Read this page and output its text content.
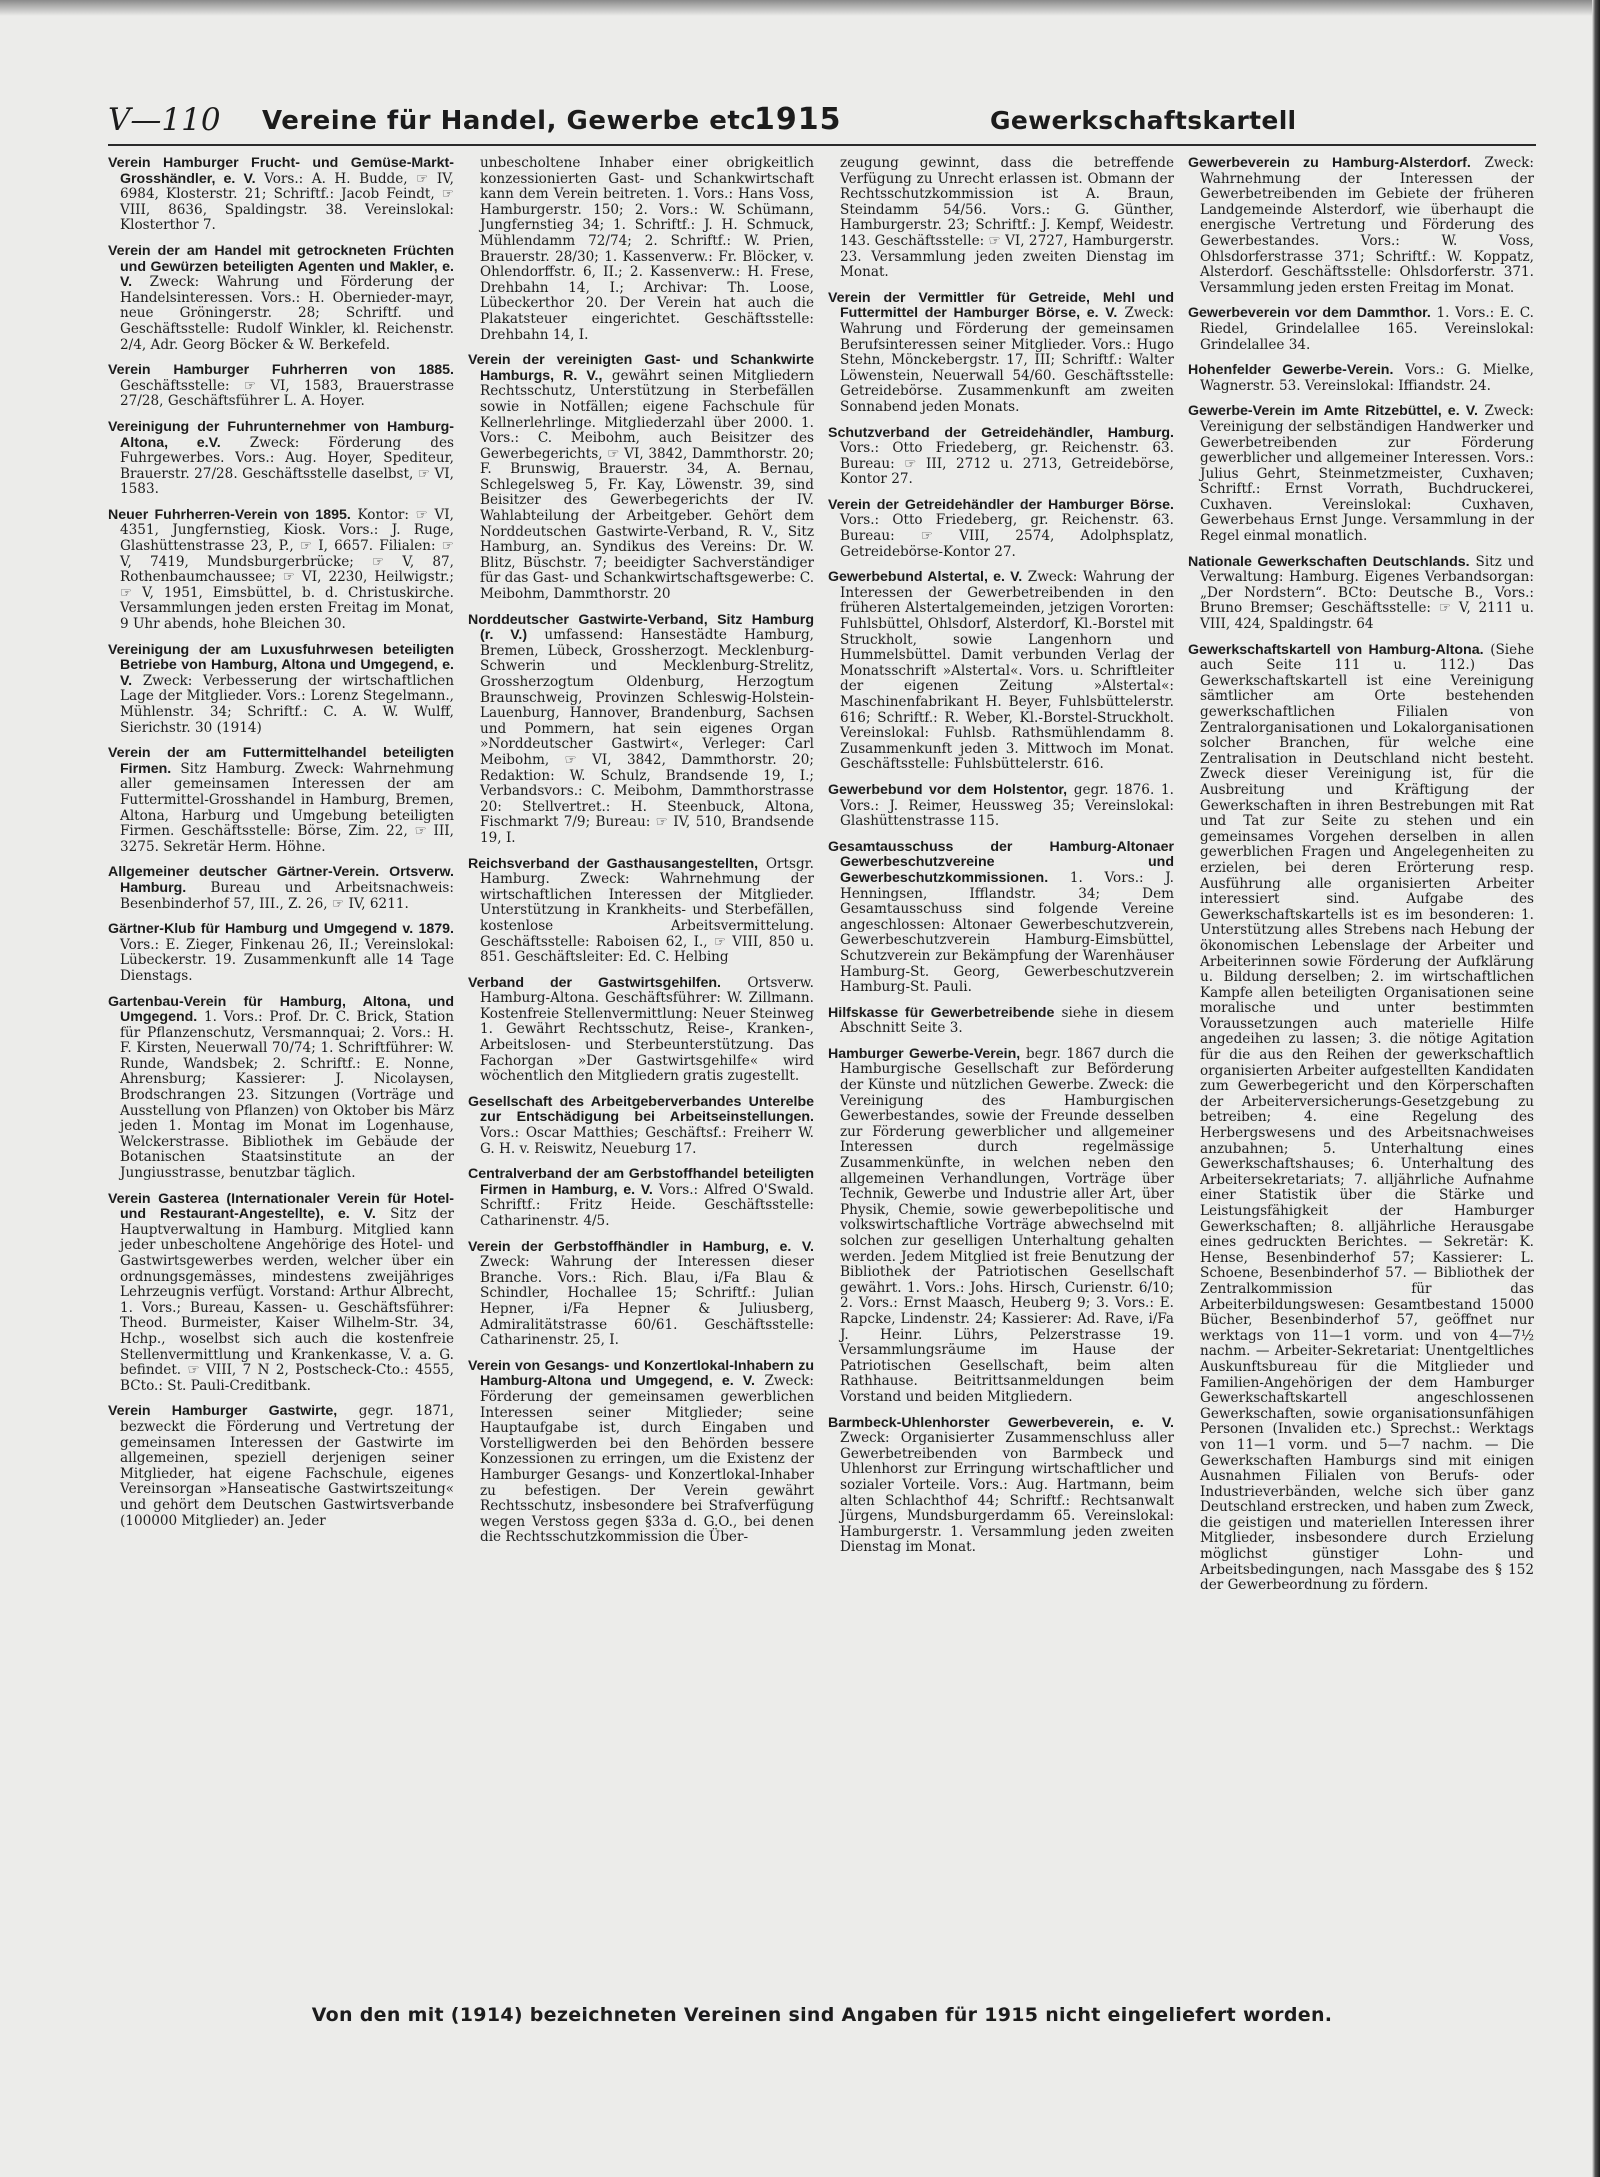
V—110 Vereine für Handel, Gewerbe etc.
1915	Gewerkschaftskartell

Verein Hamburger Frucht- und Gemüse-Markt-Grosshändler, e. V. Vors.: A. H. Budde, ☞ IV, 6984, Klosterstr. 21; Schriftf.: Jacob Feindt, ☞ VIII, 8636, Spaldingstr. 38. Vereinslokal: Klosterthor 7.

Verein der am Handel mit getrockneten Früchten und Gewürzen beteiligten Agenten und Makler, e. V. Zweck: Wahrung und Förderung der Handelsinteressen. Vors.: H. Obernieder-mayr, neue Gröningerstr. 28; Schriftf. und Geschäftsstelle: Rudolf Winkler, kl. Reichenstr. 2/4, Adr. Georg Böcker & W. Berkefeld.

Verein Hamburger Fuhrherren von 1885. Geschäftsstelle: ☞ VI, 1583, Brauerstrasse 27/28, Geschäftsführer L. A. Hoyer.

Vereinigung der Fuhrunternehmer von Hamburg-Altona, e.V. Zweck: Förderung des Fuhrgewerbes. Vors.: Aug. Hoyer, Spediteur, Brauerstr. 27/28. Geschäftsstelle daselbst, ☞ VI, 1583.

Neuer Fuhrherren-Verein von 1895. Kontor: ☞ VI, 4351, Jungfernstieg, Kiosk. Vors.: J. Ruge, Glashüttenstrasse 23, P., ☞ I, 6657. Filialen: ☞ V, 7419, Mundsburgerbrücke; ☞ V, 87, Rothenbaumchaussee; ☞ VI, 2230, Heilwigstr.; ☞ V, 1951, Eimsbüttel, b. d. Christuskirche. Versammlungen jeden ersten Freitag im Monat, 9 Uhr abends, hohe Bleichen 30.

Vereinigung der am Luxusfuhrwesen beteiligten Betriebe von Hamburg, Altona und Umgegend, e. V. Zweck: Verbesserung der wirtschaftlichen Lage der Mitglieder. Vors.: Lorenz Stegelmann., Mühlenstr. 34; Schriftf.: C. A. W. Wulff, Sierichstr. 30 (1914)

Verein der am Futtermittelhandel beteiligten Firmen. Sitz Hamburg. Zweck: Wahrnehmung aller gemeinsamen Interessen der am Futtermittel-Grosshandel in Hamburg, Bremen, Altona, Harburg und Umgebung beteiligten Firmen. Geschäftsstelle: Börse, Zim. 22, ☞ III, 3275. Sekretär Herm. Höhne.

Allgemeiner deutscher Gärtner-Verein. Ortsverw. Hamburg. Bureau und Arbeitsnachweis: Besenbinderhof 57, III., Z. 26, ☞ IV, 6211.

Gärtner-Klub für Hamburg und Umgegend v. 1879. Vors.: E. Zieger, Finkenau 26, II.; Vereinslokal: Lübeckerstr. 19. Zusammenkunft alle 14 Tage Dienstags.

Gartenbau-Verein für Hamburg, Altona, und Umgegend. 1. Vors.: Prof. Dr. C. Brick, Station für Pflanzenschutz, Versmannquai; 2. Vors.: H. F. Kirsten, Neuerwall 70/74; 1. Schriftführer: W. Runde, Wandsbek; 2. Schriftf.: E. Nonne, Ahrensburg; Kassierer: J. Nicolaysen, Brodschrangen 23. Sitzungen (Vorträge und Ausstellung von Pflanzen) von Oktober bis März jeden 1. Montag im Monat im Logenhause, Welckerstrasse. Bibliothek im Gebäude der Botanischen Staatsinstitute an der Jungiusstrasse, benutzbar täglich.

Verein Gasterea (Internationaler Verein für Hotel- und Restaurant-Angestellte), e. V. Sitz der Hauptverwaltung in Hamburg. Mitglied kann jeder unbescholtene Angehörige des Hotel- und Gastwirtsgewerbes werden, welcher über ein ordnungsgemässes, mindestens zweijähriges Lehrzeugnis verfügt. Vorstand: Arthur Albrecht, 1. Vors.; Bureau, Kassen- u. Geschäftsführer: Theod. Burmeister, Kaiser Wilhelm-Str. 34, Hchp., woselbst sich auch die kostenfreie Stellenvermittlung und Krankenkasse, V. a. G. befindet. ☞ VIII, 7 N 2, Postscheck-Cto.: 4555, BCto.: St. Pauli-Creditbank.

Verein Hamburger Gastwirte, gegr. 1871, bezweckt die Förderung und Vertretung der gemeinsamen Interessen der Gastwirte im allgemeinen, speziell derjenigen seiner Mitglieder, hat eigene Fachschule, eigenes Vereinsorgan »Hanseatische Gastwirtszeitung« und gehört dem Deutschen Gastwirtsverbande (100000 Mitglieder) an. Jeder

unbescholtene Inhaber einer obrigkeitlich konzessionierten Gast- und Schankwirtschaft kann dem Verein beitreten. 1. Vors.: Hans Voss, Hamburgerstr. 150; 2. Vors.: W. Schümann, Jungfernstieg 34; 1. Schriftf.: J. H. Schmuck, Mühlendamm 72/74; 2. Schriftf.: W. Prien, Brauerstr. 28/30; 1. Kassenverw.: Fr. Blöcker, v. Ohlendorffstr. 6, II.; 2. Kassenverw.: H. Frese, Drehbahn 14, I.; Archivar: Th. Loose, Lübeckerthor 20. Der Verein hat auch die Plakatsteuer eingerichtet. Geschäftsstelle: Drehbahn 14, I.

Verein der vereinigten Gast- und Schankwirte Hamburgs, R. V., gewährt seinen Mitgliedern Rechtsschutz, Unterstützung in Sterbefällen sowie in Notfällen; eigene Fachschule für Kellnerlehrlinge. Mitgliederzahl über 2000. 1. Vors.: C. Meibohm, auch Beisitzer des Gewerbegerichts, ☞ VI, 3842, Dammthorstr. 20; F. Brunswig, Brauerstr. 34, A. Bernau, Schlegelsweg 5, Fr. Kay, Löwenstr. 39, sind Beisitzer des Gewerbegerichts der IV. Wahlabteilung der Arbeitgeber. Gehört dem Norddeutschen Gastwirte-Verband, R. V., Sitz Hamburg, an. Syndikus des Vereins: Dr. W. Blitz, Büschstr. 7; beeidigter Sachverständiger für das Gast- und Schankwirtschaftsgewerbe: C. Meibohm, Dammthorstr. 20

Norddeutscher Gastwirte-Verband, Sitz Hamburg (r. V.) umfassend: Hansestädte Hamburg, Bremen, Lübeck, Grossherzogt. Mecklenburg-Schwerin und Mecklenburg-Strelitz, Grossherzogtum Oldenburg, Herzogtum Braunschweig, Provinzen Schleswig-Holstein-Lauenburg, Hannover, Brandenburg, Sachsen und Pommern, hat sein eigenes Organ »Norddeutscher Gastwirt«, Verleger: Carl Meibohm, ☞ VI, 3842, Dammthorstr. 20; Redaktion: W. Schulz, Brandsende 19, I.; Verbandsvors.: C. Meibohm, Dammthorstrasse 20: Stellvertret.: H. Steenbuck, Altona, Fischmarkt 7/9; Bureau: ☞ IV, 510, Brandsende 19, I.

Reichsverband der Gasthausangestellten, Ortsgr. Hamburg. Zweck: Wahrnehmung der wirtschaftlichen Interessen der Mitglieder. Unterstützung in Krankheits- und Sterbefällen, kostenlose Arbeitsvermittelung. Geschäftsstelle: Raboisen 62, I., ☞ VIII, 850 u. 851. Geschäftsleiter: Ed. C. Helbing

Verband der Gastwirtsgehilfen. Ortsverw. Hamburg-Altona. Geschäftsführer: W. Zillmann. Kostenfreie Stellenvermittlung: Neuer Steinweg 1. Gewährt Rechtsschutz, Reise-, Kranken-, Arbeitslosen- und Sterbeunterstützung. Das Fachorgan »Der Gastwirtsgehilfe« wird wöchentlich den Mitgliedern gratis zugestellt.

Gesellschaft des Arbeitgeberverbandes Unterelbe zur Entschädigung bei Arbeitseinstellungen. Vors.: Oscar Matthies; Geschäftsf.: Freiherr W. G. H. v. Reiswitz, Neueburg 17.

Centralverband der am Gerbstoffhandel beteiligten Firmen in Hamburg, e. V. Vors.: Alfred O'Swald. Schriftf.: Fritz Heide. Geschäftsstelle: Catharinenstr. 4/5.

Verein der Gerbstoffhändler in Hamburg, e. V. Zweck: Wahrung der Interessen dieser Branche. Vors.: Rich. Blau, i/Fa Blau & Schindler, Hochallee 15; Schriftf.: Julian Hepner, i/Fa Hepner & Juliusberg, Admiralitätstrasse 60/61. Geschäftsstelle: Catharinenstr. 25, I.

Verein von Gesangs- und Konzertlokal-Inhabern zu Hamburg-Altona und Umgegend, e. V. Zweck: Förderung der gemeinsamen gewerblichen Interessen seiner Mitglieder; seine Hauptaufgabe ist, durch Eingaben und Vorstelligwerden bei den Behörden bessere Konzessionen zu erringen, um die Existenz der Hamburger Gesangs- und Konzertlokal-Inhaber zu befestigen. Der Verein gewährt Rechtsschutz, insbesondere bei Strafverfügung wegen Verstoss gegen §33a d. G.O., bei denen die Rechtsschutzkommission die Über-

zeugung gewinnt, dass die betreffende Verfügung zu Unrecht erlassen ist. Obmann der Rechtsschutzkommission ist A. Braun, Steindamm 54/56. Vors.: G. Günther, Hamburgerstr. 23; Schriftf.: J. Kempf, Weidestr. 143. Geschäftsstelle: ☞ VI, 2727, Hamburgerstr. 23. Versammlung jeden zweiten Dienstag im Monat.

Verein der Vermittler für Getreide, Mehl und Futtermittel der Hamburger Börse, e. V. Zweck: Wahrung und Förderung der gemeinsamen Berufsinteressen seiner Mitglieder. Vors.: Hugo Stehn, Mönckebergstr. 17, III; Schriftf.: Walter Löwenstein, Neuerwall 54/60. Geschäftsstelle: Getreidebörse. Zusammenkunft am zweiten Sonnabend jeden Monats.

Schutzverband der Getreidehändler, Hamburg. Vors.: Otto Friedeberg, gr. Reichenstr. 63. Bureau: ☞ III, 2712 u. 2713, Getreidebörse, Kontor 27.

Verein der Getreidehändler der Hamburger Börse. Vors.: Otto Friedeberg, gr. Reichenstr. 63. Bureau: ☞ VIII, 2574, Adolphsplatz, Getreidebörse-Kontor 27.

Gewerbebund Alstertal, e. V. Zweck: Wahrung der Interessen der Gewerbetreibenden in den früheren Alstertalgemeinden, jetzigen Vororten: Fuhlsbüttel, Ohlsdorf, Alsterdorf, Kl.-Borstel mit Struckholt, sowie Langenhorn und Hummelsbüttel. Damit verbunden Verlag der Monatsschrift »Alstertal«. Vors. u. Schriftleiter der eigenen Zeitung »Alstertal«: Maschinenfabrikant H. Beyer, Fuhlsbüttelerstr. 616; Schriftf.: R. Weber, Kl.-Borstel-Struckholt. Vereinslokal: Fuhlsb. Rathsmühlendamm 8. Zusammenkunft jeden 3. Mittwoch im Monat. Geschäftsstelle: Fuhlsbüttelerstr. 616.

Gewerbebund vor dem Holstentor, gegr. 1876. 1. Vors.: J. Reimer, Heussweg 35; Vereinslokal: Glashüttenstrasse 115.

Gesamtausschuss der Hamburg-Altonaer Gewerbeschutzvereine und Gewerbeschutzkommissionen. 1. Vors.: J. Henningsen, Ifflandstr. 34; Dem Gesamtausschuss sind folgende Vereine angeschlossen: Altonaer Gewerbeschutzverein, Gewerbeschutzverein Hamburg-Eimsbüttel, Schutzverein zur Bekämpfung der Warenhäuser Hamburg-St. Georg, Gewerbeschutzverein Hamburg-St. Pauli.

Hilfskasse für Gewerbetreibende siehe in diesem Abschnitt Seite 3.

Hamburger Gewerbe-Verein, begr. 1867 durch die Hamburgische Gesellschaft zur Beförderung der Künste und nützlichen Gewerbe. Zweck: die Vereinigung des Hamburgischen Gewerbestandes, sowie der Freunde desselben zur Förderung gewerblicher und allgemeiner Interessen durch regelmässige Zusammenkünfte, in welchen neben den allgemeinen Verhandlungen, Vorträge über Technik, Gewerbe und Industrie aller Art, über Physik, Chemie, sowie gewerbepolitische und volkswirtschaftliche Vorträge abwechselnd mit solchen zur geselligen Unterhaltung gehalten werden. Jedem Mitglied ist freie Benutzung der Bibliothek der Patriotischen Gesellschaft gewährt. 1. Vors.: Johs. Hirsch, Curienstr. 6/10; 2. Vors.: Ernst Maasch, Heuberg 9; 3. Vors.: E. Rapcke, Lindenstr. 24; Kassierer: Ad. Rave, i/Fa J. Heinr. Lührs, Pelzerstrasse 19. Versammlungsräume im Hause der Patriotischen Gesellschaft, beim alten Rathhause. Beitrittsanmeldungen beim Vorstand und beiden Mitgliedern.

Barmbeck-Uhlenhorster Gewerbeverein, e. V. Zweck: Organisierter Zusammenschluss aller Gewerbetreibenden von Barmbeck und Uhlenhorst zur Erringung wirtschaftlicher und sozialer Vorteile. Vors.: Aug. Hartmann, beim alten Schlachthof 44; Schriftf.: Rechtsanwalt Jürgens, Mundsburgerdamm 65. Vereinslokal: Hamburgerstr. 1. Versammlung jeden zweiten Dienstag im Monat.

Gewerbeverein zu Hamburg-Alsterdorf. Zweck: Wahrnehmung der Interessen der Gewerbetreibenden im Gebiete der früheren Landgemeinde Alsterdorf, wie überhaupt die energische Vertretung und Förderung des Gewerbestandes. Vors.: W. Voss, Ohlsdorferstrasse 371; Schriftf.: W. Koppatz, Alsterdorf. Geschäftsstelle: Ohlsdorferstr. 371. Versammlung jeden ersten Freitag im Monat.

Gewerbeverein vor dem Dammthor. 1. Vors.: E. C. Riedel, Grindelallee 165. Vereinslokal: Grindelallee 34.

Hohenfelder Gewerbe-Verein. Vors.: G. Mielke, Wagnerstr. 53. Vereinslokal: Iffiandstr. 24.

Gewerbe-Verein im Amte Ritzebüttel, e. V. Zweck: Vereinigung der selbständigen Handwerker und Gewerbetreibenden zur Förderung gewerblicher und allgemeiner Interessen. Vors.: Julius Gehrt, Steinmetzmeister, Cuxhaven; Schriftf.: Ernst Vorrath, Buchdruckerei, Cuxhaven. Vereinslokal: Cuxhaven, Gewerbehaus Ernst Junge. Versammlung in der Regel einmal monatlich.

Nationale Gewerkschaften Deutschlands. Sitz und Verwaltung: Hamburg. Eigenes Verbandsorgan: „Der Nordstern“. BCto: Deutsche B., Vors.: Bruno Bremser; Geschäftsstelle: ☞ V, 2111 u. VIII, 424, Spaldingstr. 64

Gewerkschaftskartell von Hamburg-Altona. (Siehe auch Seite 111 u. 112.) Das Gewerkschaftskartell ist eine Vereinigung sämtlicher am Orte bestehenden gewerkschaftlichen Filialen von Zentralorganisationen und Lokalorganisationen solcher Branchen, für welche eine Zentralisation in Deutschland nicht besteht. Zweck dieser Vereinigung ist, für die Ausbreitung und Kräftigung der Gewerkschaften in ihren Bestrebungen mit Rat und Tat zur Seite zu stehen und ein gemeinsames Vorgehen derselben in allen gewerblichen Fragen und Angelegenheiten zu erzielen, bei deren Erörterung resp. Ausführung alle organisierten Arbeiter interessiert sind. Aufgabe des Gewerkschaftskartells ist es im besonderen: 1. Unterstützung alles Strebens nach Hebung der ökonomischen Lebenslage der Arbeiter und Arbeiterinnen sowie Förderung der Aufklärung u. Bildung derselben; 2. im wirtschaftlichen Kampfe allen beteiligten Organisationen seine moralische und unter bestimmten Voraussetzungen auch materielle Hilfe angedeihen zu lassen; 3. die nötige Agitation für die aus den Reihen der gewerkschaftlich organisierten Arbeiter aufgestellten Kandidaten zum Gewerbegericht und den Körperschaften der Arbeiterversicherungs-Gesetzgebung zu betreiben; 4. eine Regelung des Herbergswesens und des Arbeitsnachweises anzubahnen; 5. Unterhaltung eines Gewerkschaftshauses; 6. Unterhaltung des Arbeitersekretariats; 7. alljährliche Aufnahme einer Statistik über die Stärke und Leistungsfähigkeit der Hamburger Gewerkschaften; 8. alljährliche Herausgabe eines gedruckten Berichtes. — Sekretär: K. Hense, Besenbinderhof 57; Kassierer: L. Schoene, Besenbinderhof 57. — Bibliothek der Zentralkommission für das Arbeiterbildungswesen: Gesamtbestand 15000 Bücher, Besenbinderhof 57, geöffnet nur werktags von 11—1 vorm. und von 4—7½ nachm. — Arbeiter-Sekretariat: Unentgeltliches Auskunftsbureau für die Mitglieder und Familien-Angehörigen der dem Hamburger Gewerkschaftskartell angeschlossenen Gewerkschaften, sowie organisationsunfähigen Personen (Invaliden etc.) Sprechst.: Werktags von 11—1 vorm. und 5—7 nachm. — Die Gewerkschaften Hamburgs sind mit einigen Ausnahmen Filialen von Berufs- oder Industrieverbänden, welche sich über ganz Deutschland erstrecken, und haben zum Zweck, die geistigen und materiellen Interessen ihrer Mitglieder, insbesondere durch Erzielung möglichst günstiger Lohn- und Arbeitsbedingungen, nach Massgabe des § 152 der Gewerbeordnung zu fördern.

Von den mit (1914) bezeichneten Vereinen sind Angaben für 1915 nicht eingeliefert worden.
